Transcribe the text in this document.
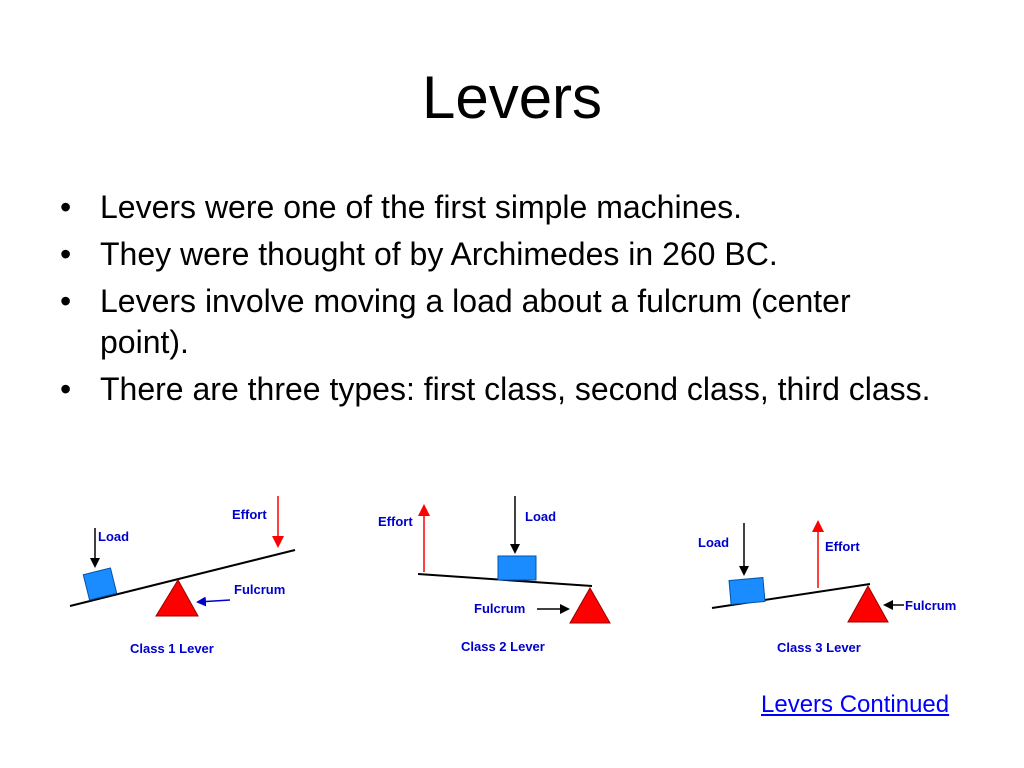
Levers
• Levers were one of the first simple machines.
• They were thought of by Archimedes in 260 BC.
• Levers involve moving a load about a fulcrum (center point).
• There are three types: first class, second class, third class.
Load
Effort
Fulcrum
Class 1 Lever
Load
Effort
Fulcrum
Class 2 Lever
Load	Effort
Fulcrum
Class 3 Lever
Levers Continued
